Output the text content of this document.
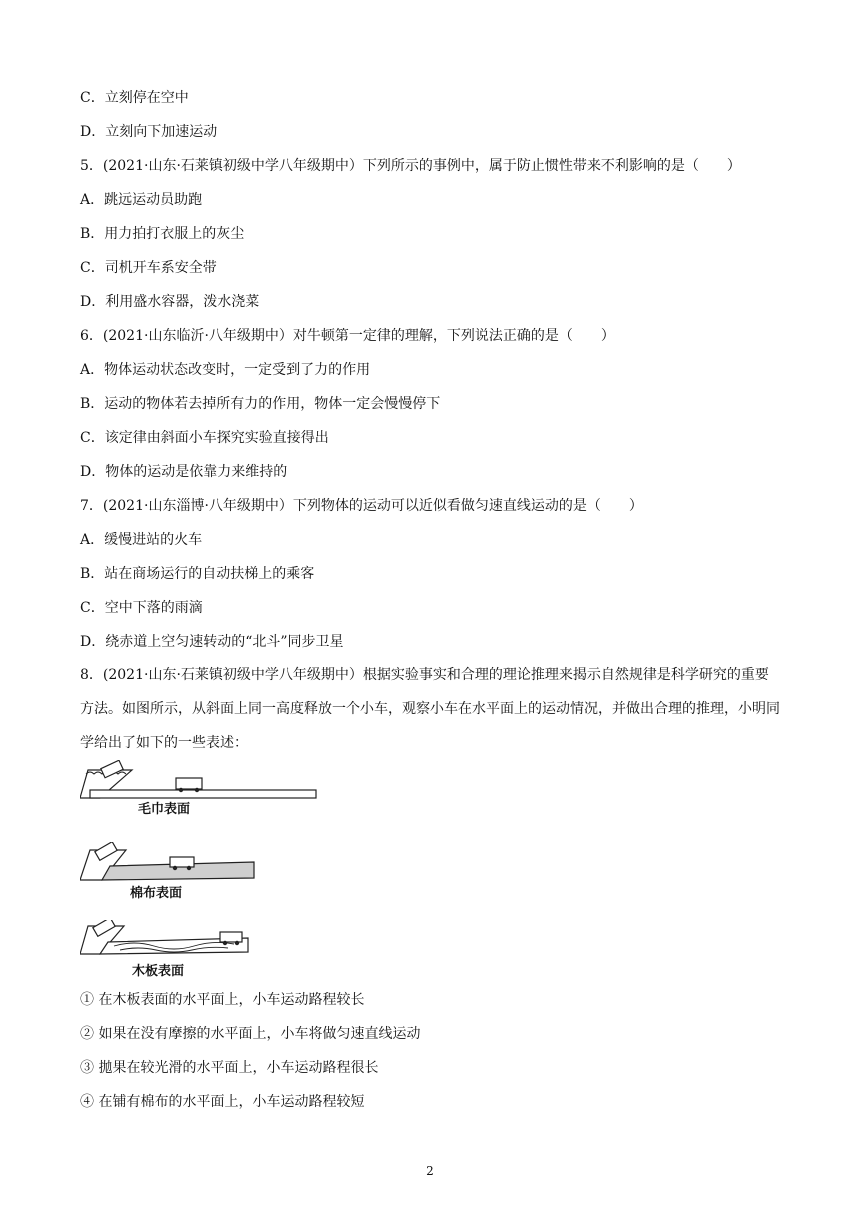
C．立刻停在空中
D．立刻向下加速运动
5．(2021·山东·石莱镇初级中学八年级期中）下列所示的事例中，属于防止惯性带来不利影响的是（　　）
A．跳远运动员助跑
B．用力拍打衣服上的灰尘
C．司机开车系安全带
D．利用盛水容器，泼水浇菜
6．(2021·山东临沂·八年级期中）对牛顿第一定律的理解，下列说法正确的是（　　）
A．物体运动状态改变时，一定受到了力的作用
B．运动的物体若去掉所有力的作用，物体一定会慢慢停下
C．该定律由斜面小车探究实验直接得出
D．物体的运动是依靠力来维持的
7．(2021·山东淄博·八年级期中）下列物体的运动可以近似看做匀速直线运动的是（　　）
A．缓慢进站的火车
B．站在商场运行的自动扶梯上的乘客
C．空中下落的雨滴
D．绕赤道上空匀速转动的“北斗”同步卫星
8．(2021·山东·石莱镇初级中学八年级期中）根据实验事实和合理的理论推理来揭示自然规律是科学研究的重要方法。如图所示，从斜面上同一高度释放一个小车，观察小车在水平面上的运动情况，并做出合理的推理，小明同学给出了如下的一些表述：
毛巾表面
棉布表面
木板表面
① 在木板表面的水平面上，小车运动路程较长
② 如果在没有摩擦的水平面上，小车将做匀速直线运动
③ 拋果在较光滑的水平面上，小车运动路程很长
④ 在铺有棉布的水平面上，小车运动路程较短
2
